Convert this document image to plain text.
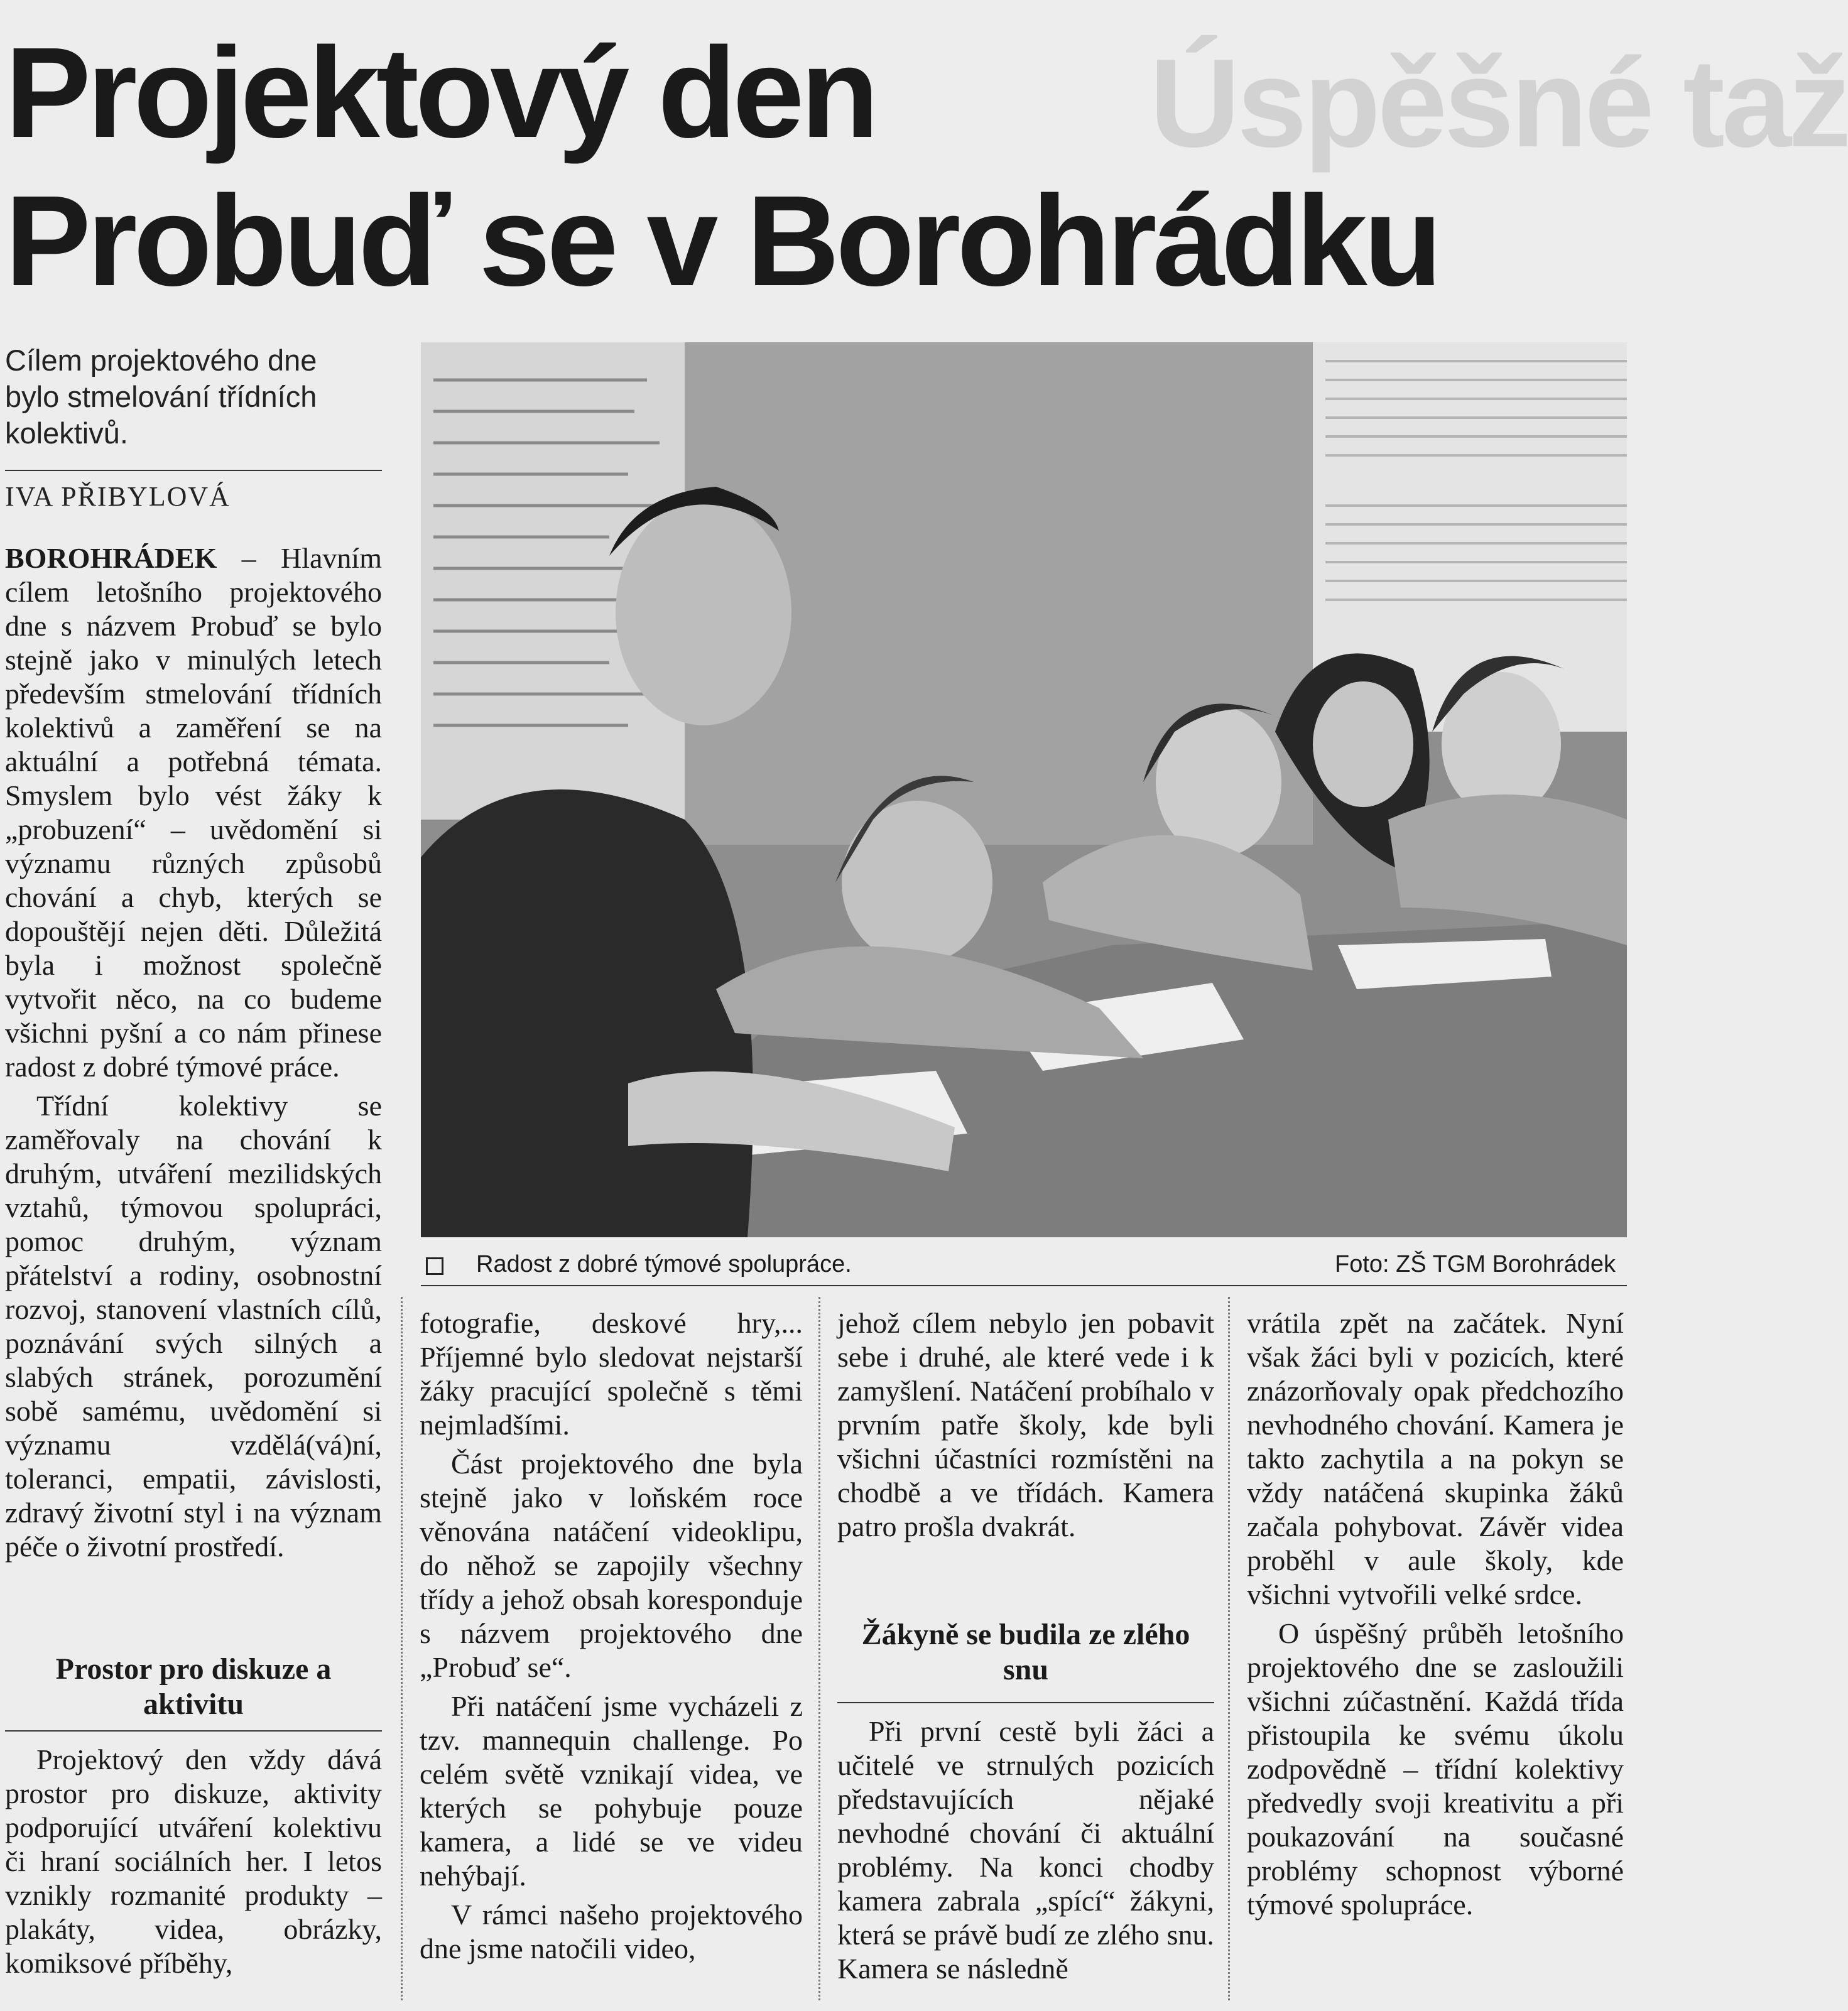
Úspěšné taž
Projektový den
Probuď se v Borohrádku

Cílem projektového dne bylo stmelování třídních kolektivů.

IVA PŘIBYLOVÁ

BOROHRÁDEK – Hlavním cílem letošního projektového dne s názvem Probuď se bylo stejně jako v minulých letech především stmelování třídních kolektivů a zaměření se na aktuální a potřebná témata. Smyslem bylo vést žáky k „probuzení“ – uvědomění si významu různých způsobů chování a chyb, kterých se dopouštějí nejen děti. Důležitá byla i možnost společně vytvořit něco, na co budeme všichni pyšní a co nám přinese radost z dobré týmové práce.

Třídní kolektivy se zaměřovaly na chování k druhým, utváření mezilidských vztahů, týmovou spolupráci, pomoc druhým, význam přátelství a rodiny, osobnostní rozvoj, stanovení vlastních cílů, poznávání svých silných a slabých stránek, porozumění sobě samému, uvědomění si významu vzdělá(vá)ní, toleranci, empatii, závislosti, zdravý životní styl i na význam péče o životní prostředí.

Prostor pro diskuze a aktivitu

Projektový den vždy dává prostor pro diskuze, aktivity podporující utváření kolektivu či hraní sociálních her. I letos vznikly rozmanité produkty – plakáty, videa, obrázky, komiksové příběhy,

Radost z dobré týmové spolupráce.	Foto: ZŠ TGM Borohrádek

fotografie, deskové hry,... Příjemné bylo sledovat nejstarší žáky pracující společně s těmi nejmladšími.

Část projektového dne byla stejně jako v loňském roce věnována natáčení videoklipu, do něhož se zapojily všechny třídy a jehož obsah koresponduje s názvem projektového dne „Probuď se“.

Při natáčení jsme vycházeli z tzv. mannequin challenge. Po celém světě vznikají videa, ve kterých se pohybuje pouze kamera, a lidé se ve videu nehýbají.

V rámci našeho projektového dne jsme natočili video,

jehož cílem nebylo jen pobavit sebe i druhé, ale které vede i k zamyšlení. Natáčení probíhalo v prvním patře školy, kde byli všichni účastníci rozmístěni na chodbě a ve třídách. Kamera patro prošla dvakrát.

Žákyně se budila ze zlého snu

Při první cestě byli žáci a učitelé ve strnulých pozicích představujících nějaké nevhodné chování či aktuální problémy. Na konci chodby kamera zabrala „spící“ žákyni, která se právě budí ze zlého snu. Kamera se následně

vrátila zpět na začátek. Nyní však žáci byli v pozicích, které znázorňovaly opak předchozího nevhodného chování. Kamera je takto zachytila a na pokyn se vždy natáčená skupinka žáků začala pohybovat. Závěr videa proběhl v aule školy, kde všichni vytvořili velké srdce.

O úspěšný průběh letošního projektového dne se zasloužili všichni zúčastnění. Každá třída přistoupila ke svému úkolu zodpovědně – třídní kolektivy předvedly svoji kreativitu a při poukazování na současné problémy schopnost výborné týmové spolupráce.
